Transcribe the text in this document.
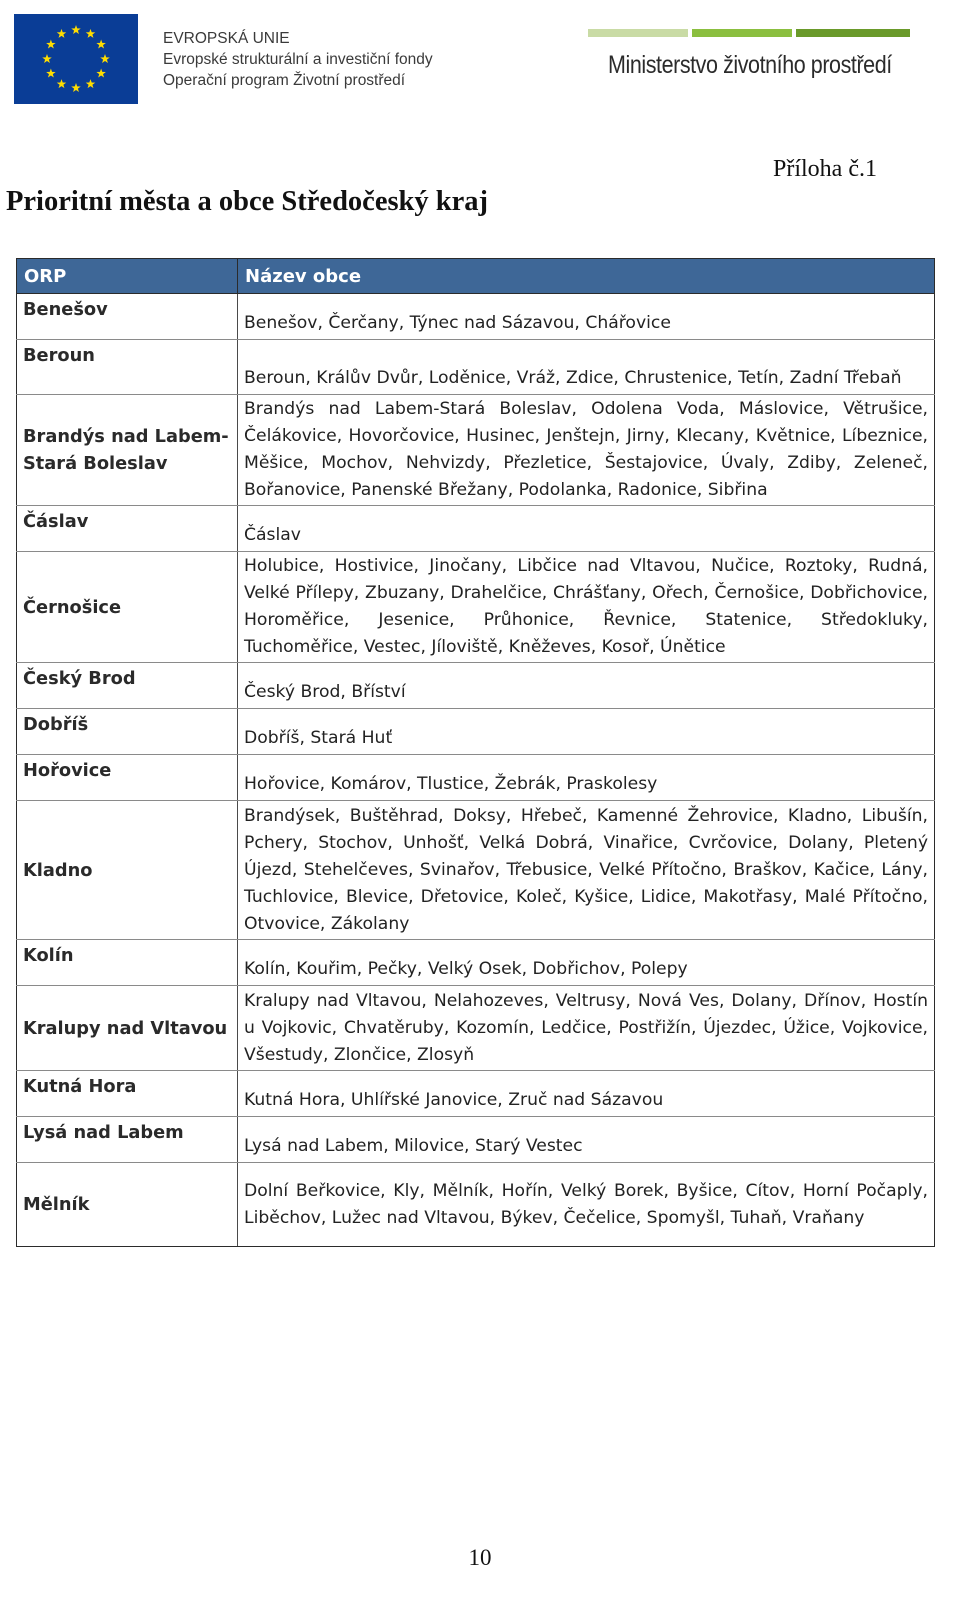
EVROPSKÁ UNIE
Evropské strukturální a investiční fondy
Operační program Životní prostředí
Ministerstvo životního prostředí
Příloha č.1
Prioritní města a obce Středočeský kraj
ORP	Název obce
Benešov	Benešov, Čerčany, Týnec nad Sázavou, Chářovice
Beroun	Beroun, Králův Dvůr, Loděnice, Vráž, Zdice, Chrustenice, Tetín, Zadní Třebaň
Brandýs nad Labem-Stará Boleslav	Brandýs nad Labem-Stará Boleslav, Odolena Voda, Máslovice, Větrušice, Čelákovice, Hovorčovice, Husinec, Jenštejn, Jirny, Klecany, Květnice, Líbeznice, Měšice, Mochov, Nehvizdy, Přezletice, Šestajovice, Úvaly, Zdiby, Zeleneč, Bořanovice, Panenské Břežany, Podolanka, Radonice, Sibřina
Čáslav	Čáslav
Černošice	Holubice, Hostivice, Jinočany, Libčice nad Vltavou, Nučice, Roztoky, Rudná, Velké Přílepy, Zbuzany, Drahelčice, Chrášťany, Ořech, Černošice, Dobřichovice, Horoměřice, Jesenice, Průhonice, Řevnice, Statenice, Středokluky, Tuchoměřice, Vestec, Jíloviště, Kněževes, Kosoř, Únětice
Český Brod	Český Brod, Bříství
Dobříš	Dobříš, Stará Huť
Hořovice	Hořovice, Komárov, Tlustice, Žebrák, Praskolesy
Kladno	Brandýsek, Buštěhrad, Doksy, Hřebeč, Kamenné Žehrovice, Kladno, Libušín, Pchery, Stochov, Unhošť, Velká Dobrá, Vinařice, Cvrčovice, Dolany, Pletený Újezd, Stehelčeves, Svinařov, Třebusice, Velké Přítočno, Braškov, Kačice, Lány, Tuchlovice, Blevice, Dřetovice, Koleč, Kyšice, Lidice, Makotřasy, Malé Přítočno, Otvovice, Zákolany
Kolín	Kolín, Kouřim, Pečky, Velký Osek, Dobřichov, Polepy
Kralupy nad Vltavou	Kralupy nad Vltavou, Nelahozeves, Veltrusy, Nová Ves, Dolany, Dřínov, Hostín u Vojkovic, Chvatěruby, Kozomín, Ledčice, Postřižín, Újezdec, Úžice, Vojkovice, Všestudy, Zlončice, Zlosyň
Kutná Hora	Kutná Hora, Uhlířské Janovice, Zruč nad Sázavou
Lysá nad Labem	Lysá nad Labem, Milovice, Starý Vestec
Mělník	Dolní Beřkovice, Kly, Mělník, Hořín, Velký Borek, Byšice, Cítov, Horní Počaply, Liběchov, Lužec nad Vltavou, Býkev, Čečelice, Spomyšl, Tuhaň, Vraňany
10
